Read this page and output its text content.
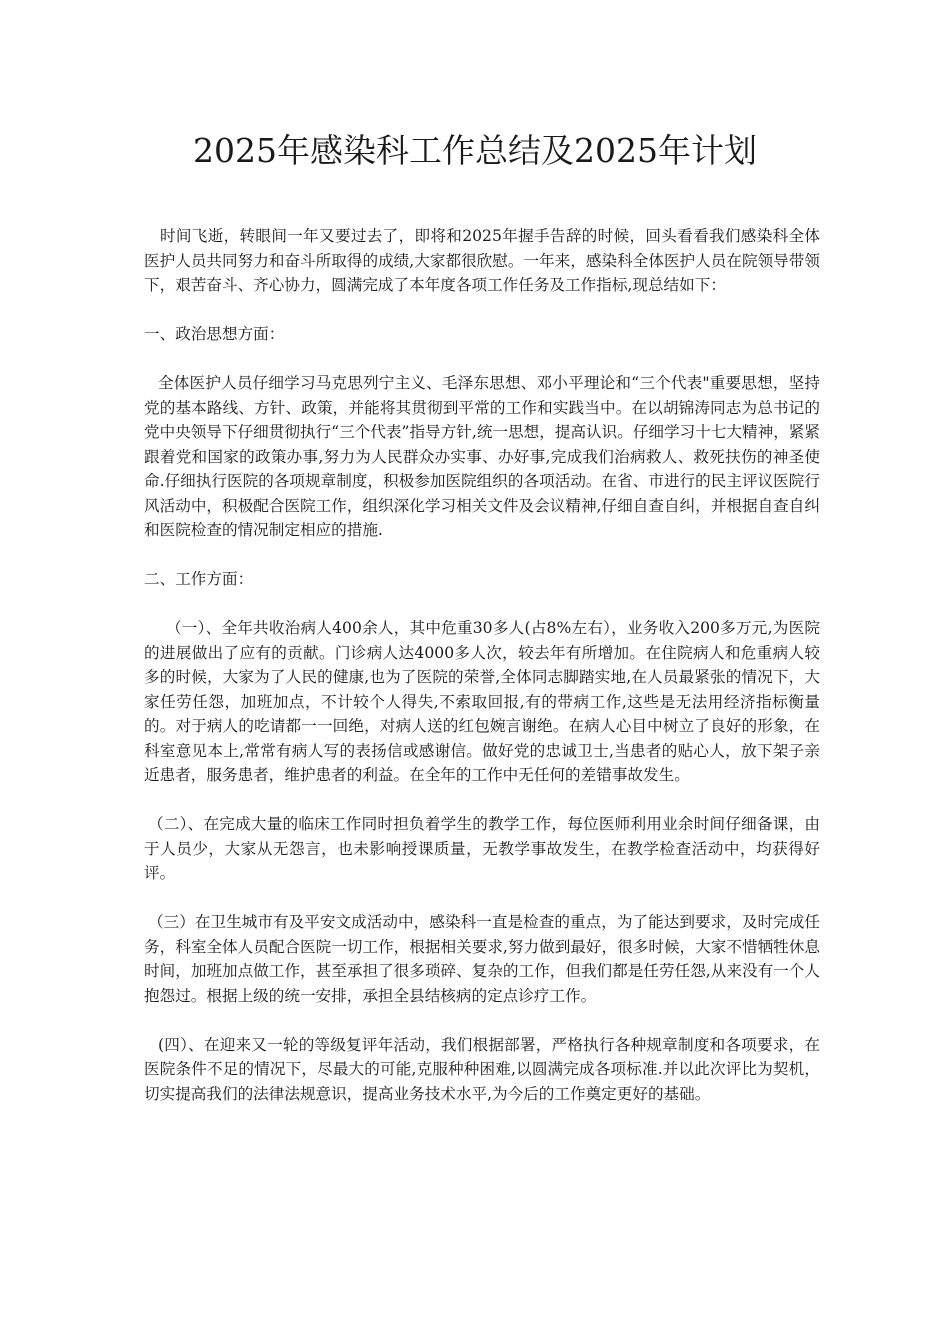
2025年感染科工作总结及2025年计划

时间飞逝，转眼间一年又要过去了，即将和2025年握手告辞的时候，回头看看我们感染科全体医护人员共同努力和奋斗所取得的成绩,大家都很欣慰。一年来，感染科全体医护人员在院领导带领下，艰苦奋斗、齐心协力，圆满完成了本年度各项工作任务及工作指标,现总结如下：

一、政治思想方面：

全体医护人员仔细学习马克思列宁主义、毛泽东思想、邓小平理论和“三个代表"重要思想，坚持党的基本路线、方针、政策，并能将其贯彻到平常的工作和实践当中。在以胡锦涛同志为总书记的党中央领导下仔细贯彻执行“三个代表”指导方针,统一思想，提高认识。仔细学习十七大精神，紧紧跟着党和国家的政策办事,努力为人民群众办实事、办好事,完成我们治病救人、救死扶伤的神圣使命.仔细执行医院的各项规章制度，积极参加医院组织的各项活动。在省、市进行的民主评议医院行风活动中，积极配合医院工作，组织深化学习相关文件及会议精神,仔细自查自纠，并根据自查自纠和医院检查的情况制定相应的措施.

二、工作方面：

（一）、全年共收治病人400余人，其中危重30多人(占8%左右），业务收入200多万元,为医院的进展做出了应有的贡献。门诊病人达4000多人次，较去年有所增加。在住院病人和危重病人较多的时候，大家为了人民的健康,也为了医院的荣誉,全体同志脚踏实地,在人员最紧张的情况下，大家任劳任怨，加班加点，不计较个人得失,不索取回报,有的带病工作,这些是无法用经济指标衡量的。对于病人的吃请都一一回绝，对病人送的红包婉言谢绝。在病人心目中树立了良好的形象，在科室意见本上,常常有病人写的表扬信或感谢信。做好党的忠诚卫士,当患者的贴心人，放下架子亲近患者，服务患者，维护患者的利益。在全年的工作中无任何的差错事故发生。

（二）、在完成大量的临床工作同时担负着学生的教学工作，每位医师利用业余时间仔细备课，由于人员少，大家从无怨言，也未影响授课质量，无教学事故发生，在教学检查活动中，均获得好评。

（三）在卫生城市有及平安文成活动中，感染科一直是检查的重点，为了能达到要求，及时完成任务，科室全体人员配合医院一切工作，根据相关要求,努力做到最好，很多时候，大家不惜牺牲休息时间，加班加点做工作，甚至承担了很多琐碎、复杂的工作，但我们都是任劳任怨,从来没有一个人抱怨过。根据上级的统一安排，承担全县结核病的定点诊疗工作。

(四）、在迎来又一轮的等级复评年活动，我们根据部署，严格执行各种规章制度和各项要求，在医院条件不足的情况下，尽最大的可能,克服种种困难,以圆满完成各项标准.并以此次评比为契机，切实提高我们的法律法规意识，提高业务技术水平,为今后的工作奠定更好的基础。
